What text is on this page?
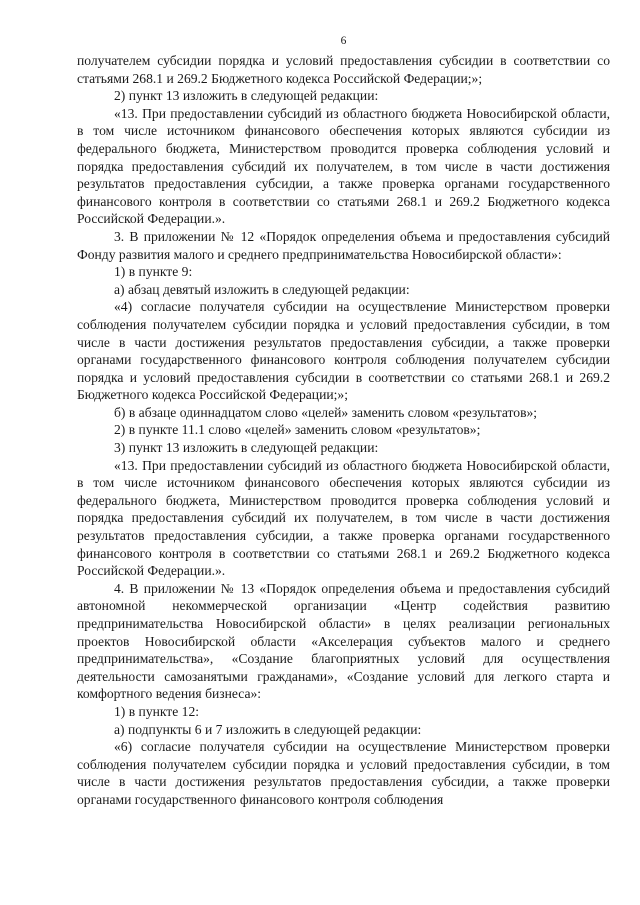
6

получателем субсидии порядка и условий предоставления субсидии в соответствии со статьями 268.1 и 269.2 Бюджетного кодекса Российской Федерации;»;

2) пункт 13 изложить в следующей редакции:

«13. При предоставлении субсидий из областного бюджета Новосибирской области, в том числе источником финансового обеспечения которых являются субсидии из федерального бюджета, Министерством проводится проверка соблюдения условий и порядка предоставления субсидий их получателем, в том числе в части достижения результатов предоставления субсидии, а также проверка органами государственного финансового контроля в соответствии со статьями 268.1 и 269.2 Бюджетного кодекса Российской Федерации.».

3. В приложении № 12 «Порядок определения объема и предоставления субсидий Фонду развития малого и среднего предпринимательства Новосибирской области»:

1) в пункте 9:

а) абзац девятый изложить в следующей редакции:

«4) согласие получателя субсидии на осуществление Министерством проверки соблюдения получателем субсидии порядка и условий предоставления субсидии, в том числе в части достижения результатов предоставления субсидии, а также проверки органами государственного финансового контроля соблюдения получателем субсидии порядка и условий предоставления субсидии в соответствии со статьями 268.1 и 269.2 Бюджетного кодекса Российской Федерации;»;

б) в абзаце одиннадцатом слово «целей» заменить словом «результатов»;

2) в пункте 11.1 слово «целей» заменить словом «результатов»;

3) пункт 13 изложить в следующей редакции:

«13. При предоставлении субсидий из областного бюджета Новосибирской области, в том числе источником финансового обеспечения которых являются субсидии из федерального бюджета, Министерством проводится проверка соблюдения условий и порядка предоставления субсидий их получателем, в том числе в части достижения результатов предоставления субсидии, а также проверка органами государственного финансового контроля в соответствии со статьями 268.1 и 269.2 Бюджетного кодекса Российской Федерации.».

4. В приложении № 13 «Порядок определения объема и предоставления субсидий автономной некоммерческой организации «Центр содействия развитию предпринимательства Новосибирской области» в целях реализации региональных проектов Новосибирской области «Акселерация субъектов малого и среднего предпринимательства», «Создание благоприятных условий для осуществления деятельности самозанятыми гражданами», «Создание условий для легкого старта и комфортного ведения бизнеса»:

1) в пункте 12:

а) подпункты 6 и 7 изложить в следующей редакции:

«6) согласие получателя субсидии на осуществление Министерством проверки соблюдения получателем субсидии порядка и условий предоставления субсидии, в том числе в части достижения результатов предоставления субсидии, а также проверки органами государственного финансового контроля соблюдения
